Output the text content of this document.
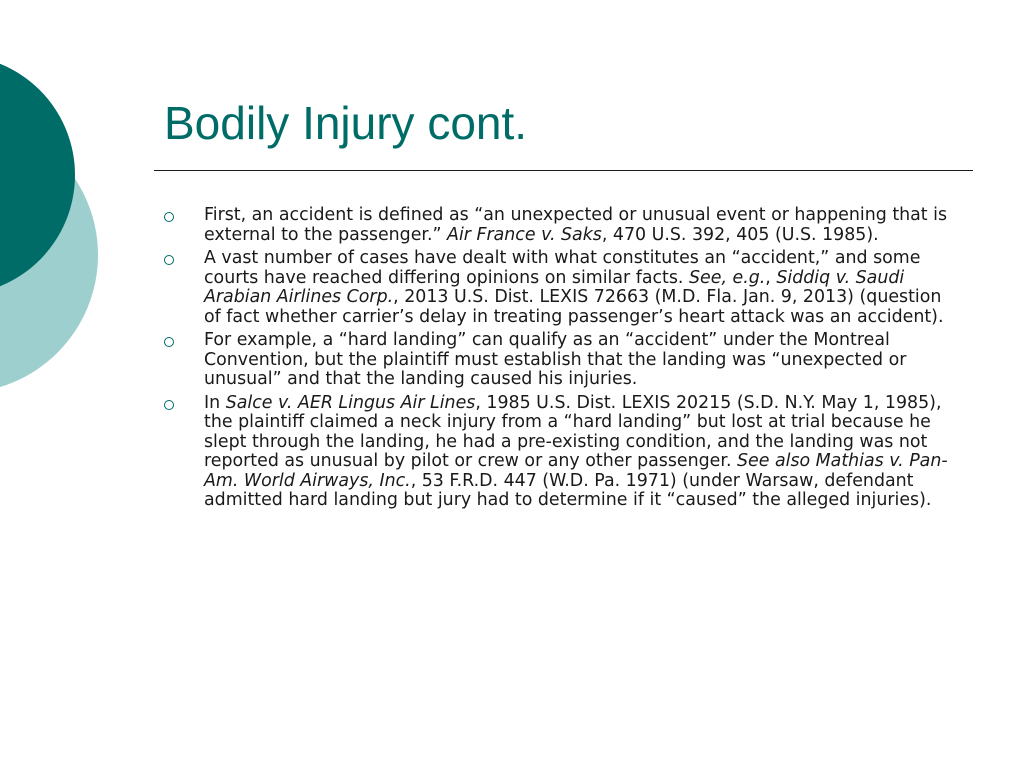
Bodily Injury cont.
First, an accident is defined as “an unexpected or unusual event or happening that is external to the passenger.” Air France v. Saks, 470 U.S. 392, 405 (U.S. 1985).
A vast number of cases have dealt with what constitutes an “accident,” and some courts have reached differing opinions on similar facts. See, e.g., Siddiq v. Saudi Arabian Airlines Corp., 2013 U.S. Dist. LEXIS 72663 (M.D. Fla. Jan. 9, 2013) (question of fact whether carrier’s delay in treating passenger’s heart attack was an accident).
For example, a “hard landing” can qualify as an “accident” under the Montreal Convention, but the plaintiff must establish that the landing was “unexpected or unusual” and that the landing caused his injuries.
In Salce v. AER Lingus Air Lines, 1985 U.S. Dist. LEXIS 20215 (S.D. N.Y. May 1, 1985), the plaintiff claimed a neck injury from a “hard landing” but lost at trial because he slept through the landing, he had a pre-existing condition, and the landing was not reported as unusual by pilot or crew or any other passenger. See also Mathias v. Pan-Am. World Airways, Inc., 53 F.R.D. 447 (W.D. Pa. 1971) (under Warsaw, defendant admitted hard landing but jury had to determine if it “caused” the alleged injuries).
